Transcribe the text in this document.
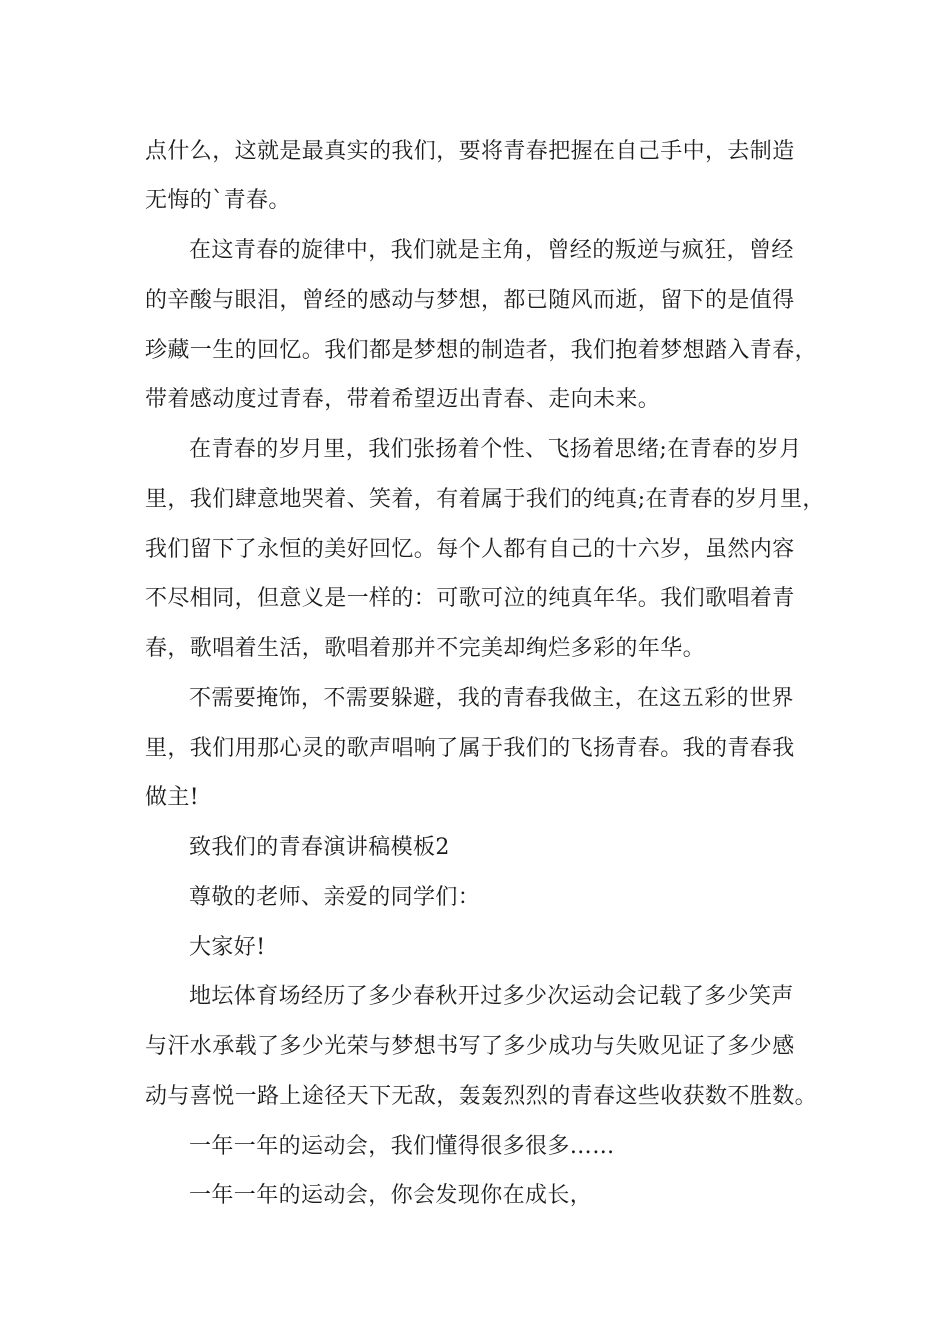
点什么，这就是最真实的我们，要将青春把握在自己手中，去制造
无悔的`青春。
在这青春的旋律中，我们就是主角，曾经的叛逆与疯狂，曾经
的辛酸与眼泪，曾经的感动与梦想，都已随风而逝，留下的是值得
珍藏一生的回忆。我们都是梦想的制造者，我们抱着梦想踏入青春，
带着感动度过青春，带着希望迈出青春、走向未来。
在青春的岁月里，我们张扬着个性、飞扬着思绪;在青春的岁月
里，我们肆意地哭着、笑着，有着属于我们的纯真;在青春的岁月里，
我们留下了永恒的美好回忆。每个人都有自己的十六岁，虽然内容
不尽相同，但意义是一样的：可歌可泣的纯真年华。我们歌唱着青
春，歌唱着生活，歌唱着那并不完美却绚烂多彩的年华。
不需要掩饰，不需要躲避，我的青春我做主，在这五彩的世界
里，我们用那心灵的歌声唱响了属于我们的飞扬青春。我的青春我
做主!
致我们的青春演讲稿模板2
尊敬的老师、亲爱的同学们：
大家好!
地坛体育场经历了多少春秋开过多少次运动会记载了多少笑声
与汗水承载了多少光荣与梦想书写了多少成功与失败见证了多少感
动与喜悦一路上途径天下无敌，轰轰烈烈的青春这些收获数不胜数。
一年一年的运动会，我们懂得很多很多……
一年一年的运动会，你会发现你在成长，
